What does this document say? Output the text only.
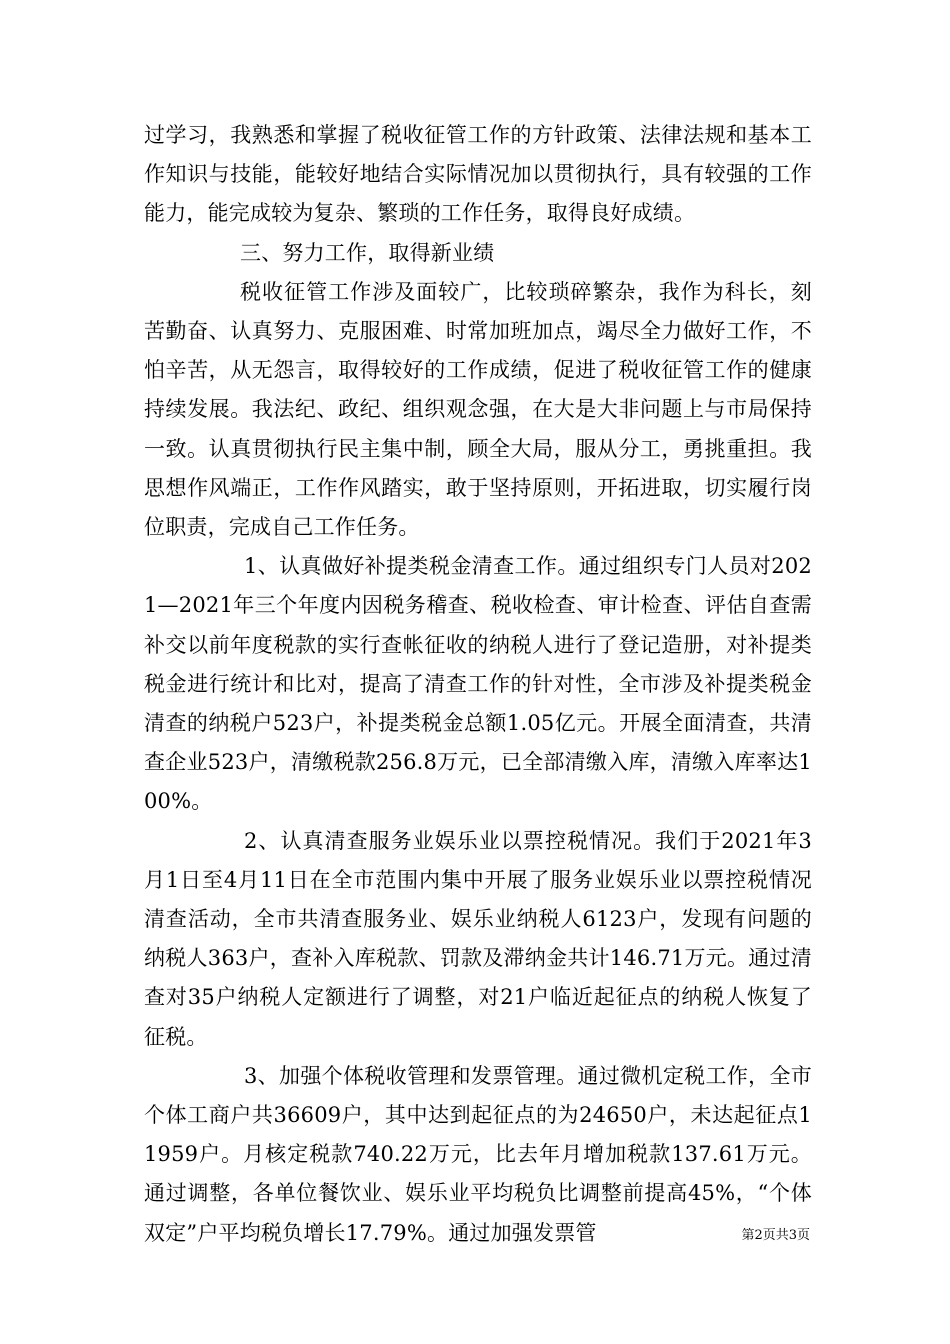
过学习，我熟悉和掌握了税收征管工作的方针政策、法律法规和基本工作知识与技能，能较好地结合实际情况加以贯彻执行，具有较强的工作能力，能完成较为复杂、繁琐的工作任务，取得良好成绩。

三、努力工作，取得新业绩

税收征管工作涉及面较广，比较琐碎繁杂，我作为科长，刻苦勤奋、认真努力、克服困难、时常加班加点，竭尽全力做好工作，不怕辛苦，从无怨言，取得较好的工作成绩，促进了税收征管工作的健康持续发展。我法纪、政纪、组织观念强，在大是大非问题上与市局保持一致。认真贯彻执行民主集中制，顾全大局，服从分工，勇挑重担。我思想作风端正，工作作风踏实，敢于坚持原则，开拓进取，切实履行岗位职责，完成自己工作任务。

1、认真做好补提类税金清查工作。通过组织专门人员对2021—2021年三个年度内因税务稽查、税收检查、审计检查、评估自查需补交以前年度税款的实行查帐征收的纳税人进行了登记造册，对补提类税金进行统计和比对，提高了清查工作的针对性，全市涉及补提类税金清查的纳税户523户，补提类税金总额1.05亿元。开展全面清查，共清查企业523户，清缴税款256.8万元，已全部清缴入库，清缴入库率达100%。

2、认真清查服务业娱乐业以票控税情况。我们于2021年3月1日至4月11日在全市范围内集中开展了服务业娱乐业以票控税情况清查活动，全市共清查服务业、娱乐业纳税人6123户，发现有问题的纳税人363户，查补入库税款、罚款及滞纳金共计146.71万元。通过清查对35户纳税人定额进行了调整，对21户临近起征点的纳税人恢复了征税。

3、加强个体税收管理和发票管理。通过微机定税工作，全市个体工商户共36609户，其中达到起征点的为24650户，未达起征点11959户。月核定税款740.22万元，比去年月增加税款137.61万元。通过调整，各单位餐饮业、娱乐业平均税负比调整前提高45%，“个体双定”户平均税负增长17.79%。通过加强发票管	第2页共3页
